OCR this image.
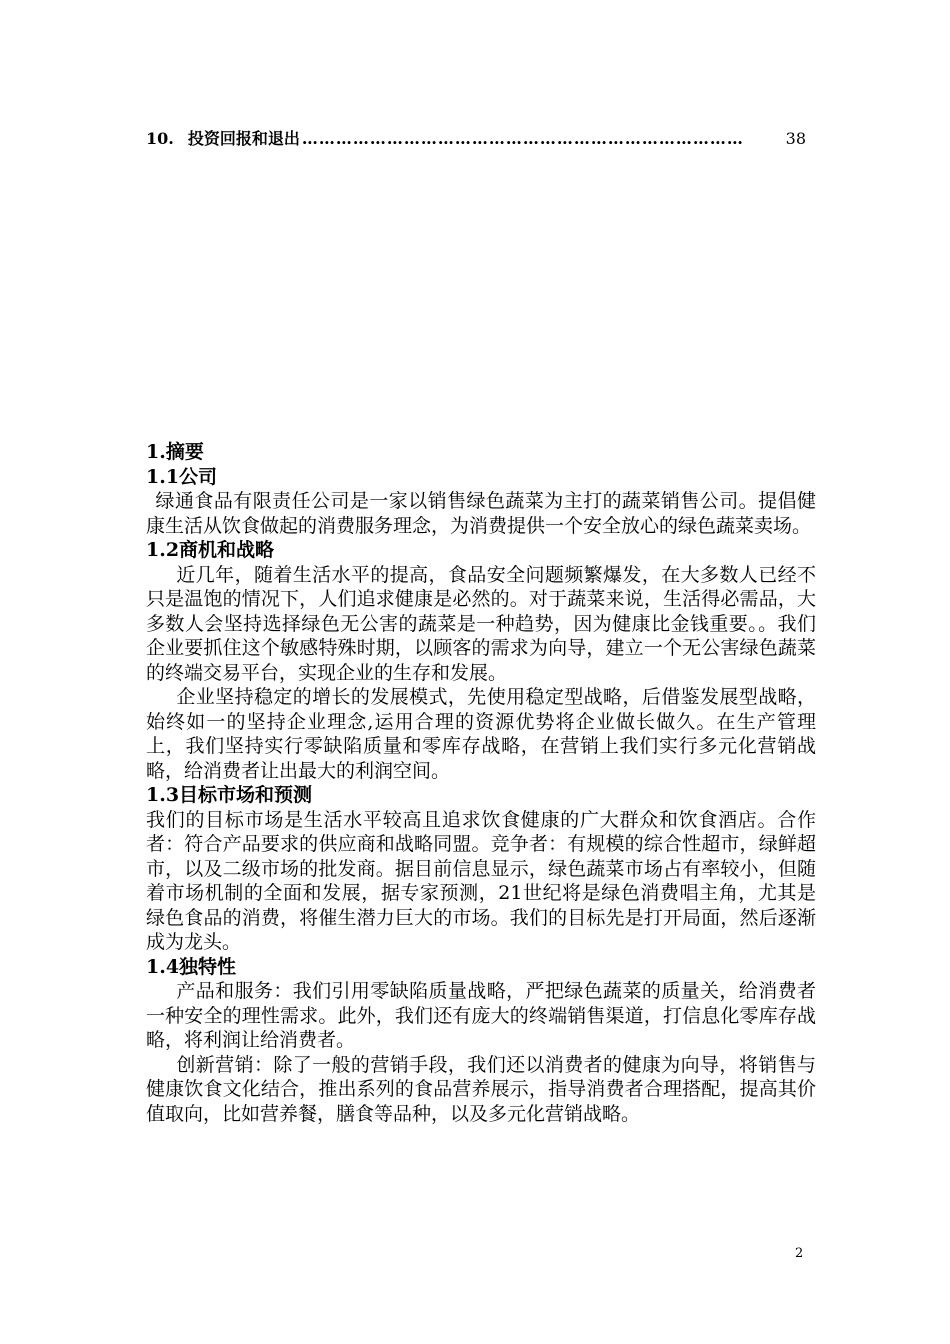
10. 投资回报和退出 ……………………………………………………………………	38
1.摘要
1.1公司

绿通食品有限责任公司是一家以销售绿色蔬菜为主打的蔬菜销售公司。提倡健康生活从饮食做起的消费服务理念，为消费提供一个安全放心的绿色蔬菜卖场。

1.2商机和战略

近几年，随着生活水平的提高，食品安全问题频繁爆发，在大多数人已经不只是温饱的情况下，人们追求健康是必然的。对于蔬菜来说，生活得必需品，大多数人会坚持选择绿色无公害的蔬菜是一种趋势，因为健康比金钱重要。。我们企业要抓住这个敏感特殊时期，以顾客的需求为向导，建立一个无公害绿色蔬菜的终端交易平台，实现企业的生存和发展。

企业坚持稳定的增长的发展模式，先使用稳定型战略，后借鉴发展型战略，始终如一的坚持企业理念,运用合理的资源优势将企业做长做久。在生产管理上，我们坚持实行零缺陷质量和零库存战略，在营销上我们实行多元化营销战略，给消费者让出最大的利润空间。

1.3目标市场和预测

我们的目标市场是生活水平较高且追求饮食健康的广大群众和饮食酒店。合作者：符合产品要求的供应商和战略同盟。竞争者：有规模的综合性超市，绿鲜超市，以及二级市场的批发商。据目前信息显示，绿色蔬菜市场占有率较小，但随着市场机制的全面和发展，据专家预测，21世纪将是绿色消费唱主角，尤其是绿色食品的消费，将催生潜力巨大的市场。我们的目标先是打开局面，然后逐渐成为龙头。

1.4独特性

产品和服务：我们引用零缺陷质量战略，严把绿色蔬菜的质量关，给消费者一种安全的理性需求。此外，我们还有庞大的终端销售渠道，打信息化零库存战略，将利润让给消费者。

创新营销：除了一般的营销手段，我们还以消费者的健康为向导，将销售与健康饮食文化结合，推出系列的食品营养展示，指导消费者合理搭配，提高其价值取向，比如营养餐，膳食等品种，以及多元化营销战略。

2
